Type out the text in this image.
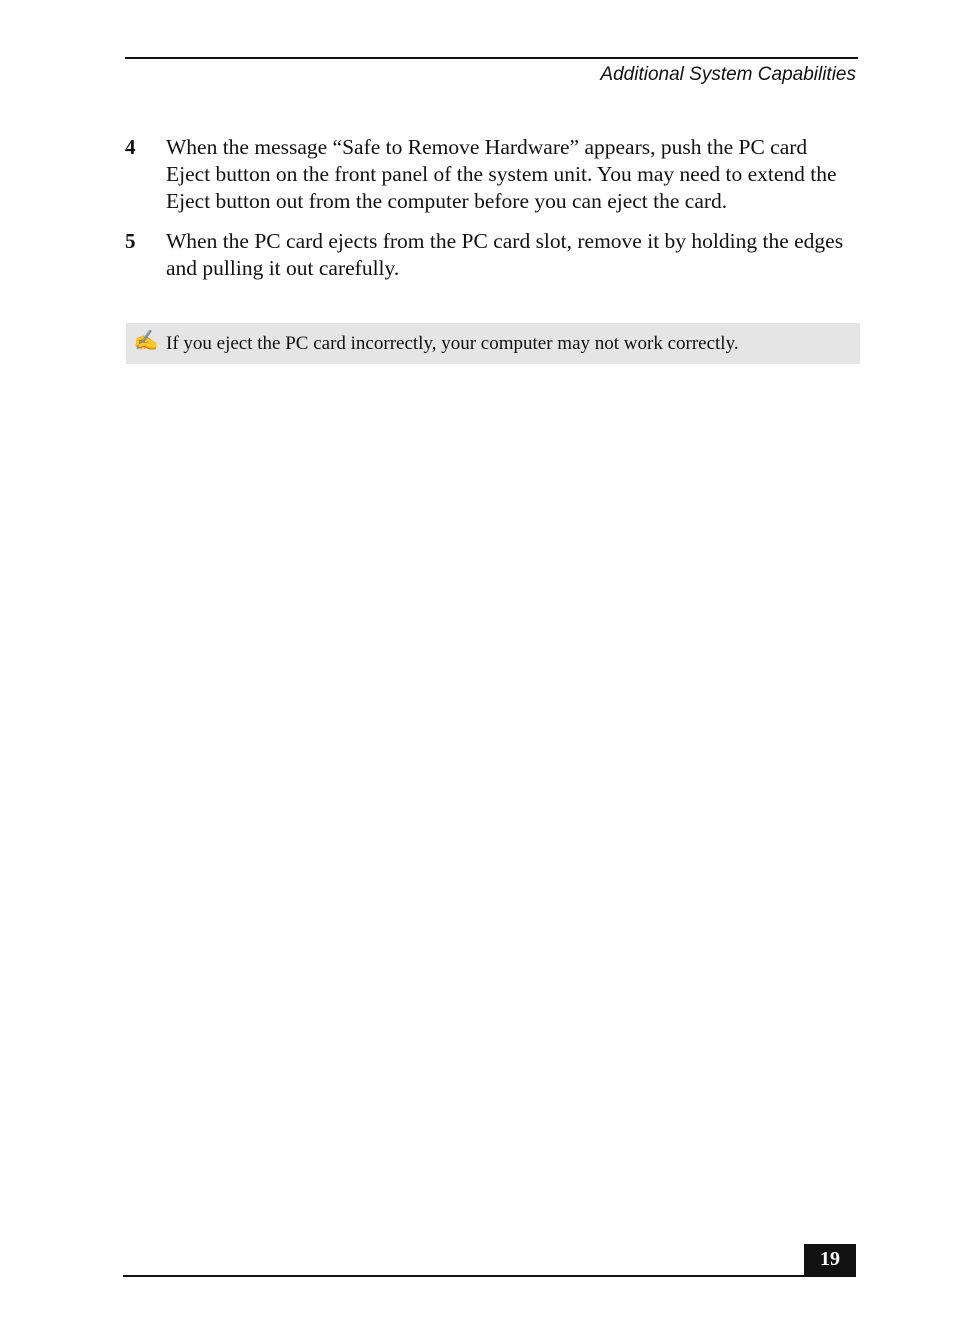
Additional System Capabilities
4	When the message “Safe to Remove Hardware” appears, push the PC card Eject button on the front panel of the system unit. You may need to extend the Eject button out from the computer before you can eject the card.
5	When the PC card ejects from the PC card slot, remove it by holding the edges and pulling it out carefully.
✍ If you eject the PC card incorrectly, your computer may not work correctly.
19
